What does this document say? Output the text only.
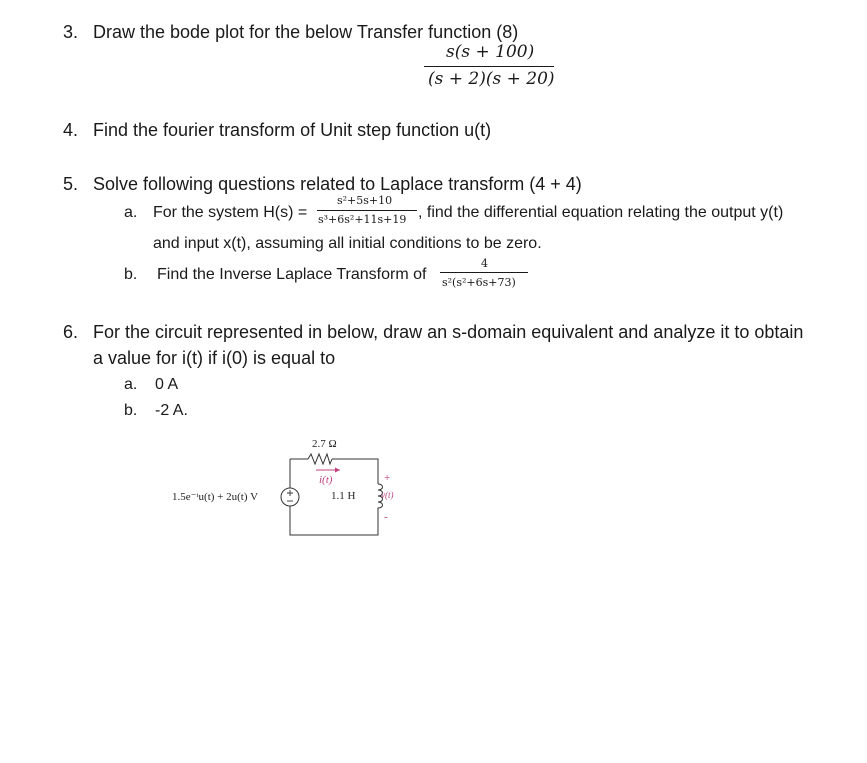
3. Draw the bode plot for the below Transfer function (8)
s(s + 100)
(s + 2)(s + 20)
4. Find the fourier transform of Unit step function u(t)
5. Solve following questions related to Laplace transform (4 + 4)
a. For the system H(s) =
s²+5s+10
s³+6s²+11s+19 , find the differential equation relating the output y(t)
and input x(t), assuming all initial conditions to be zero.
b. Find the Inverse Laplace Transform of
4
s²(s²+6s+73)
6. For the circuit represented in below, draw an s-domain equivalent and analyze it to obtain
a value for i(t) if i(0) is equal to
a. 0 A
b. -2 A.
2.7 Ω
i(t)
1.5e⁻ᵗu(t) + 2u(t) V	1.1 H
+
v(t)
-
